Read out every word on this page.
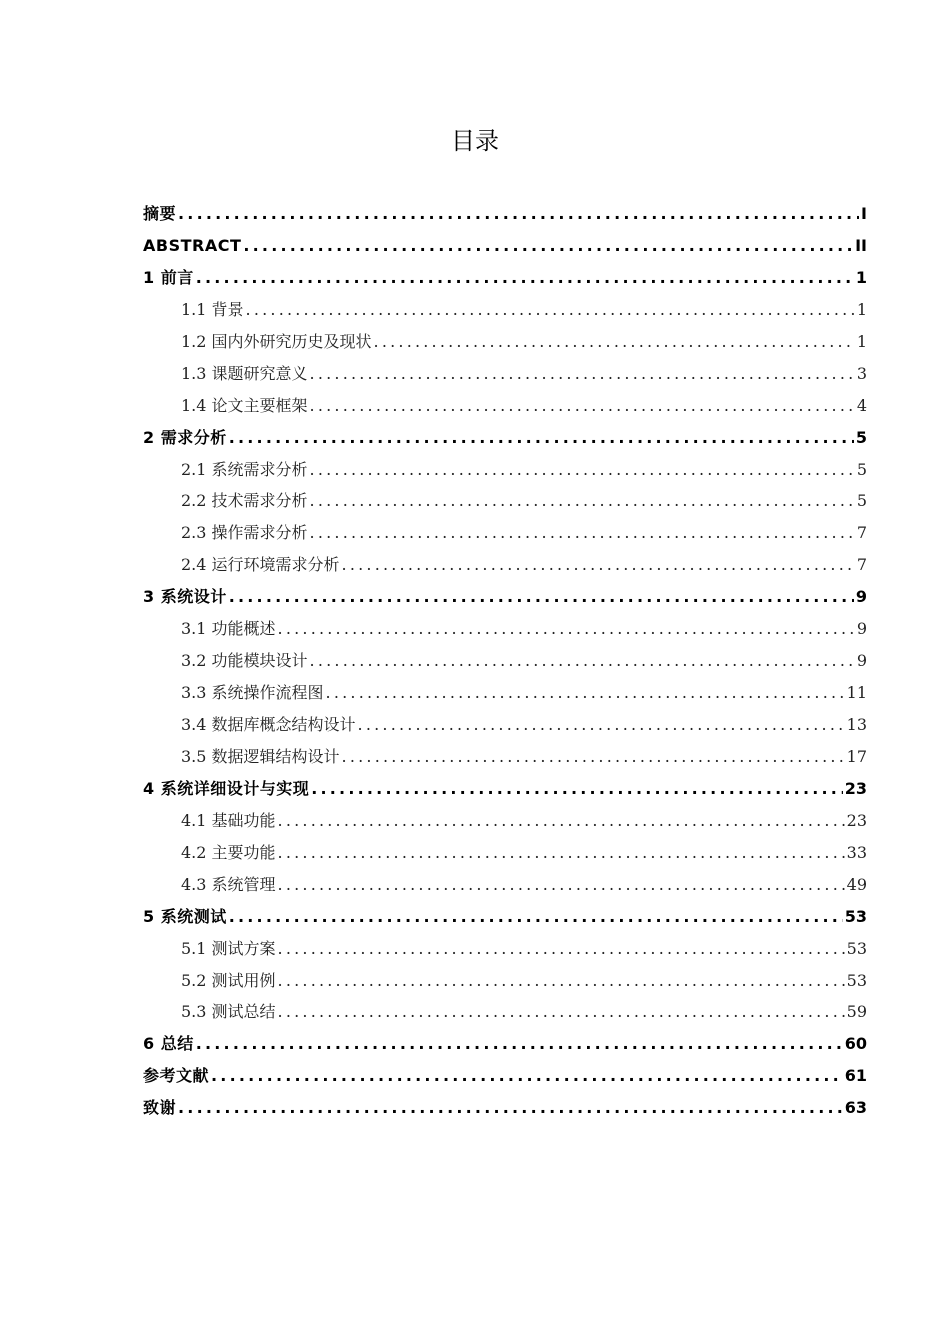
目录
摘要 .....	I
ABSTRACT .....	II
1 前言 .....	1
1.1 背景 .....	1
1.2 国内外研究历史及现状 .....	1
1.3 课题研究意义 .....	3
1.4 论文主要框架 .....	4
2 需求分析 .....	5
2.1 系统需求分析 .....	5
2.2 技术需求分析 .....	5
2.3 操作需求分析 .....	7
2.4 运行环境需求分析 .....	7
3 系统设计 .....	9
3.1 功能概述 .....	9
3.2 功能模块设计 .....	9
3.3 系统操作流程图 .....	11
3.4 数据库概念结构设计 .....	13
3.5 数据逻辑结构设计 .....	17
4 系统详细设计与实现 .....	23
4.1 基础功能 .....	23
4.2 主要功能 .....	33
4.3 系统管理 .....	49
5 系统测试 .....	53
5.1 测试方案 .....	53
5.2 测试用例 .....	53
5.3 测试总结 .....	59
6 总结 .....	60
参考文献 .....	61
致谢 .....	63
